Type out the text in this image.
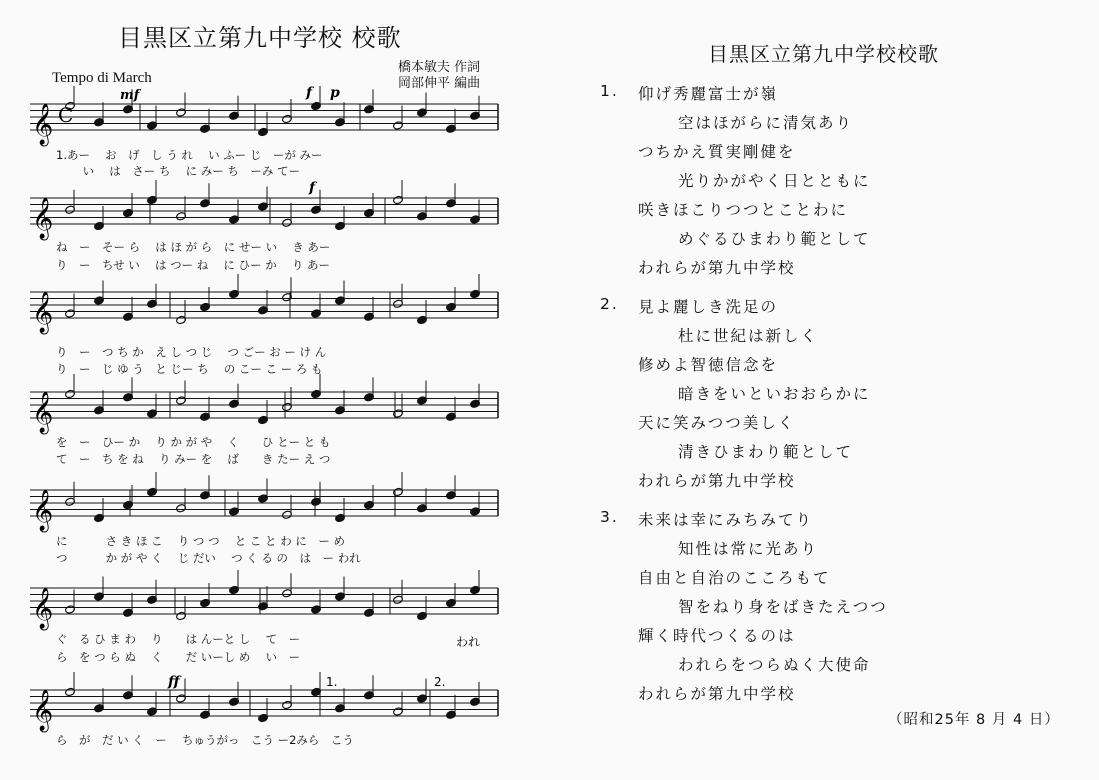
目黒区立第九中学校 校歌
Tempo di March
橋本敏夫 作詞
岡部伸平 編曲
𝄞
𝄞
𝄞
𝄞
𝄞
𝄞
𝄞
C
mf	f p
f
ff	1.	2.
われ
1.あー　 お　げ　し う れ　 い ふー じ　ーが みー
　　 い　 は　さー ち　 に みー ち　ーみ てー
ね　ー　そー ら　 は ほ が ら　に せー い　 き あー
り　ー　ちせ い　 は つー ね　 に ひー か　 り あー
り　ー　つ ち か　え し つ じ　 つ ごー お ー け ん
り　ー　じ ゆ う　と じー ち　 の こー こ ー ろ も
を　ー　ひー か　 り か が や　 く　　ひ とー と も
て　ー　ち を ね　 り みー を　 ば　　き たー え つ
に　　　 さ き ほ こ　 り つ つ　 と こ と わ に　ー め
つ　　　 か が や く　 じ だい　 つ く る の　は　ー われ
ぐ　る ひ ま わ　 り　　は んーと し　 て　ー
ら　を つ ら ぬ　 く　　だ いーし め　 い　ー
ら　が　だ い く　ー　 ちゅうがっ　こう ー2みら　こう
目黒区立第九中学校校歌
1.	仰げ秀麗富士が嶺
空はほがらに清気あり
つちかえ質実剛健を
光りかがやく日とともに
咲きほこりつつとことわに
めぐるひまわり範として
われらが第九中学校
2.	見よ麗しき洗足の
杜に世紀は新しく
修めよ智徳信念を
暗きをいといおおらかに
天に笑みつつ美しく
清きひまわり範として
われらが第九中学校
3.	未来は幸にみちみてり
知性は常に光あり
自由と自治のこころもて
智をねり身をばきたえつつ
輝く時代つくるのは
われらをつらぬく大使命
われらが第九中学校
（昭和25年 8 月 4 日）
